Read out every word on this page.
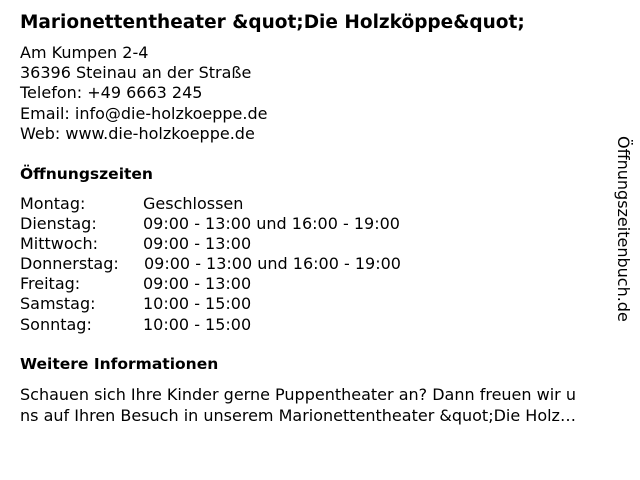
Marionettentheater &quot;Die Holzköppe&quot;
Am Kumpen 2-4
36396 Steinau an der Straße
Telefon: +49 6663 245
Email: info@die-holzkoeppe.de
Web: www.die-holzkoeppe.de
Öffnungszeiten
Montag:	Geschlossen
Dienstag:	09:00 - 13:00 und 16:00 - 19:00
Mittwoch:	09:00 - 13:00
Donnerstag:	09:00 - 13:00 und 16:00 - 19:00
Freitag:	09:00 - 13:00
Samstag:	10:00 - 15:00
Sonntag:	10:00 - 15:00
Weitere Informationen
Schauen sich Ihre Kinder gerne Puppentheater an? Dann freuen wir u
ns auf Ihren Besuch in unserem Marionettentheater &quot;Die Holz…
Öffnungszeitenbuch.de
